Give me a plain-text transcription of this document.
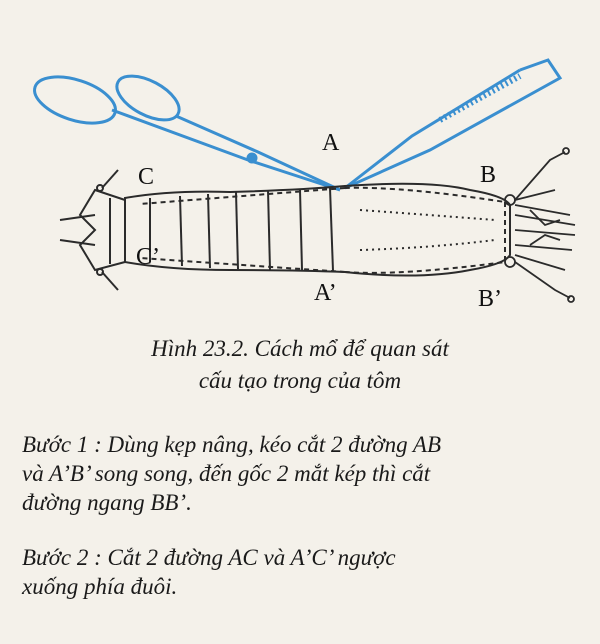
A
A’
B
B’
C
C’
Hình 23.2. Cách mổ để quan sát
cấu tạo trong của tôm
Bước 1 : Dùng kẹp nâng, kéo cắt 2 đường AB
và A’B’ song song, đến gốc 2 mắt kép thì cắt
đường ngang BB’.
Bước 2 : Cắt 2 đường AC và A’C’ ngược
xuống phía đuôi.
